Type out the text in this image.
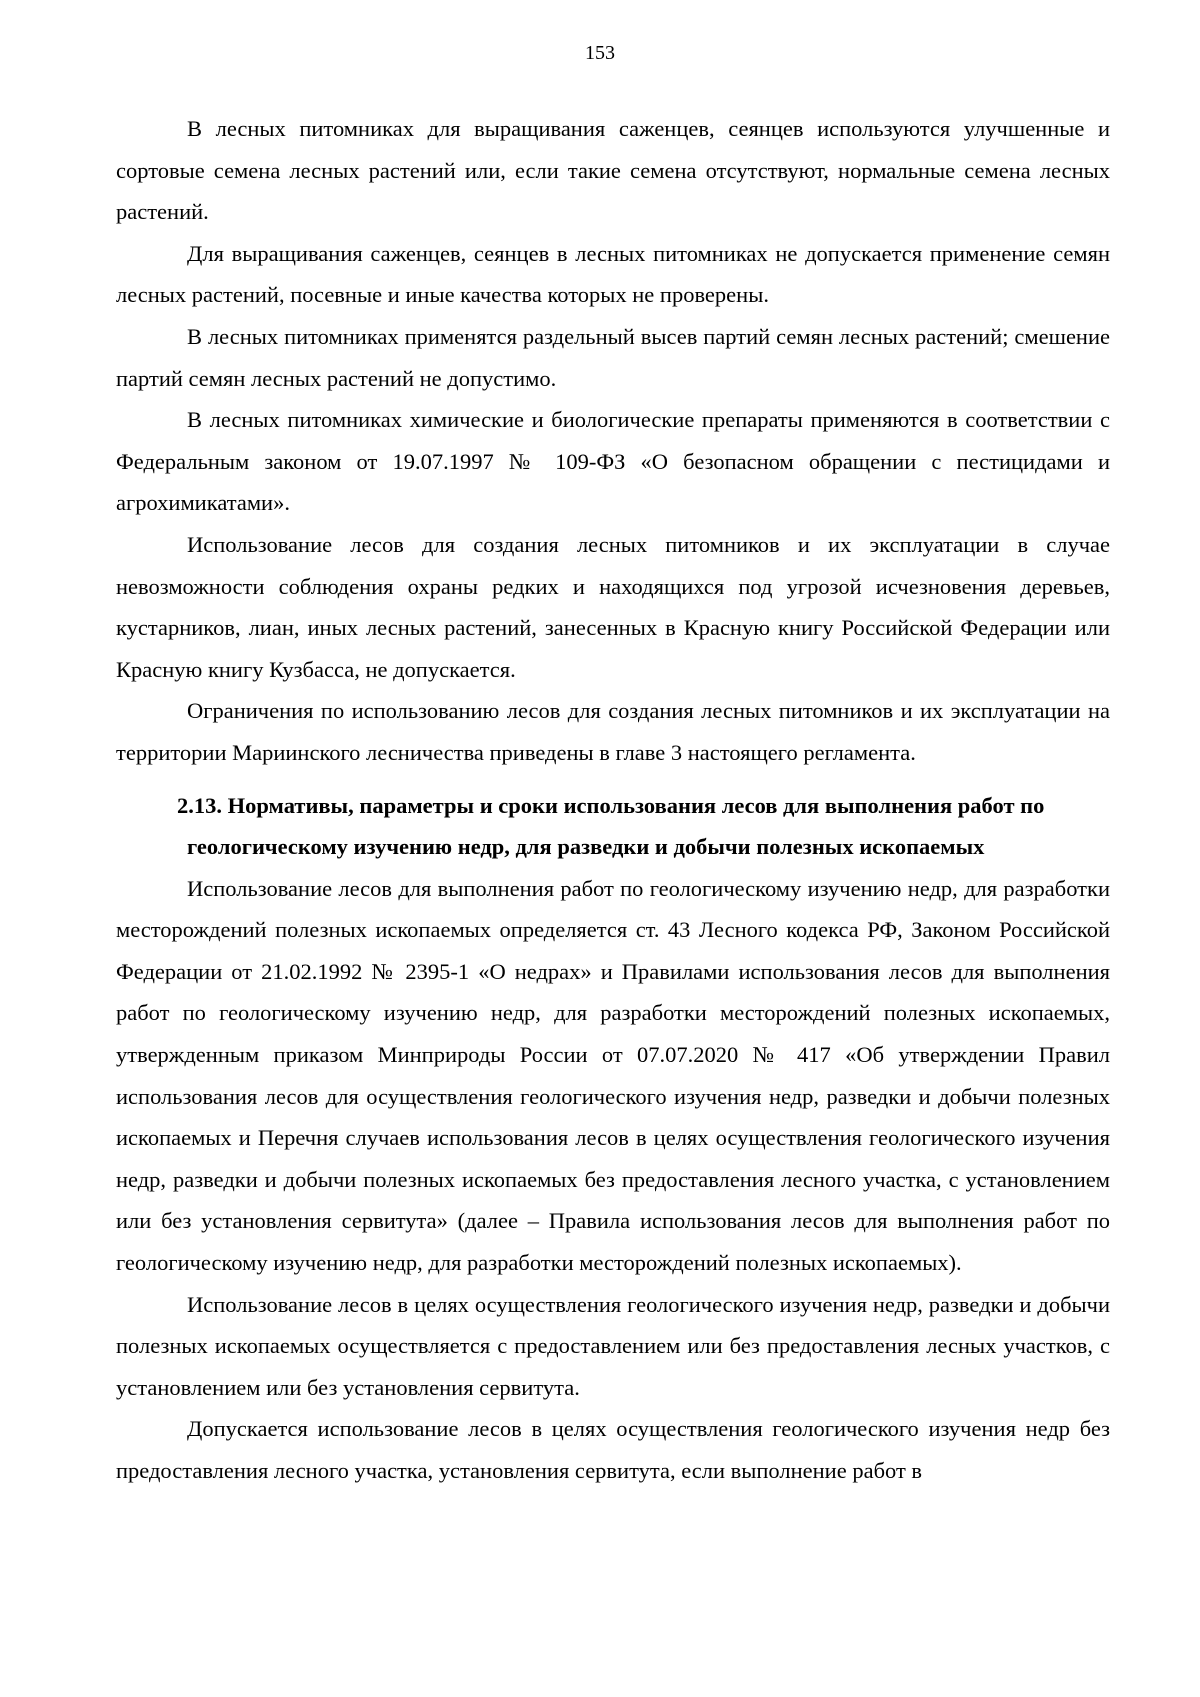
153

В лесных питомниках для выращивания саженцев, сеянцев используются улучшенные и сортовые семена лесных растений или, если такие семена отсутствуют, нормальные семена лесных растений.

Для выращивания саженцев, сеянцев в лесных питомниках не допускается применение семян лесных растений, посевные и иные качества которых не проверены.

В лесных питомниках применятся раздельный высев партий семян лесных растений; смешение партий семян лесных растений не допустимо.

В лесных питомниках химические и биологические препараты применяются в соответствии с Федеральным законом от 19.07.1997 № 109-ФЗ «О безопасном обращении с пестицидами и агрохимикатами».

Использование лесов для создания лесных питомников и их эксплуатации в случае невозможности соблюдения охраны редких и находящихся под угрозой исчезновения деревьев, кустарников, лиан, иных лесных растений, занесенных в Красную книгу Российской Федерации или Красную книгу Кузбасса, не допускается.

Ограничения по использованию лесов для создания лесных питомников и их эксплуатации на территории Мариинского лесничества приведены в главе 3 настоящего регламента.

2.13. Нормативы, параметры и сроки использования лесов для выполнения работ по
геологическому изучению недр, для разведки и добычи полезных ископаемых

Использование лесов для выполнения работ по геологическому изучению недр, для разработки месторождений полезных ископаемых определяется ст. 43 Лесного кодекса РФ, Законом Российской Федерации от 21.02.1992 № 2395-1 «О недрах» и Правилами использования лесов для выполнения работ по геологическому изучению недр, для разработки месторождений полезных ископаемых, утвержденным приказом Минприроды России от 07.07.2020 № 417 «Об утверждении Правил использования лесов для осуществления геологического изучения недр, разведки и добычи полезных ископаемых и Перечня случаев использования лесов в целях осуществления геологического изучения недр, разведки и добычи полезных ископаемых без предоставления лесного участка, с установлением или без установления сервитута» (далее – Правила использования лесов для выполнения работ по геологическому изучению недр, для разработки месторождений полезных ископаемых).

Использование лесов в целях осуществления геологического изучения недр, разведки и добычи полезных ископаемых осуществляется с предоставлением или без предоставления лесных участков, с установлением или без установления сервитута.

Допускается использование лесов в целях осуществления геологического изучения недр без предоставления лесного участка, установления сервитута, если выполнение работ в
